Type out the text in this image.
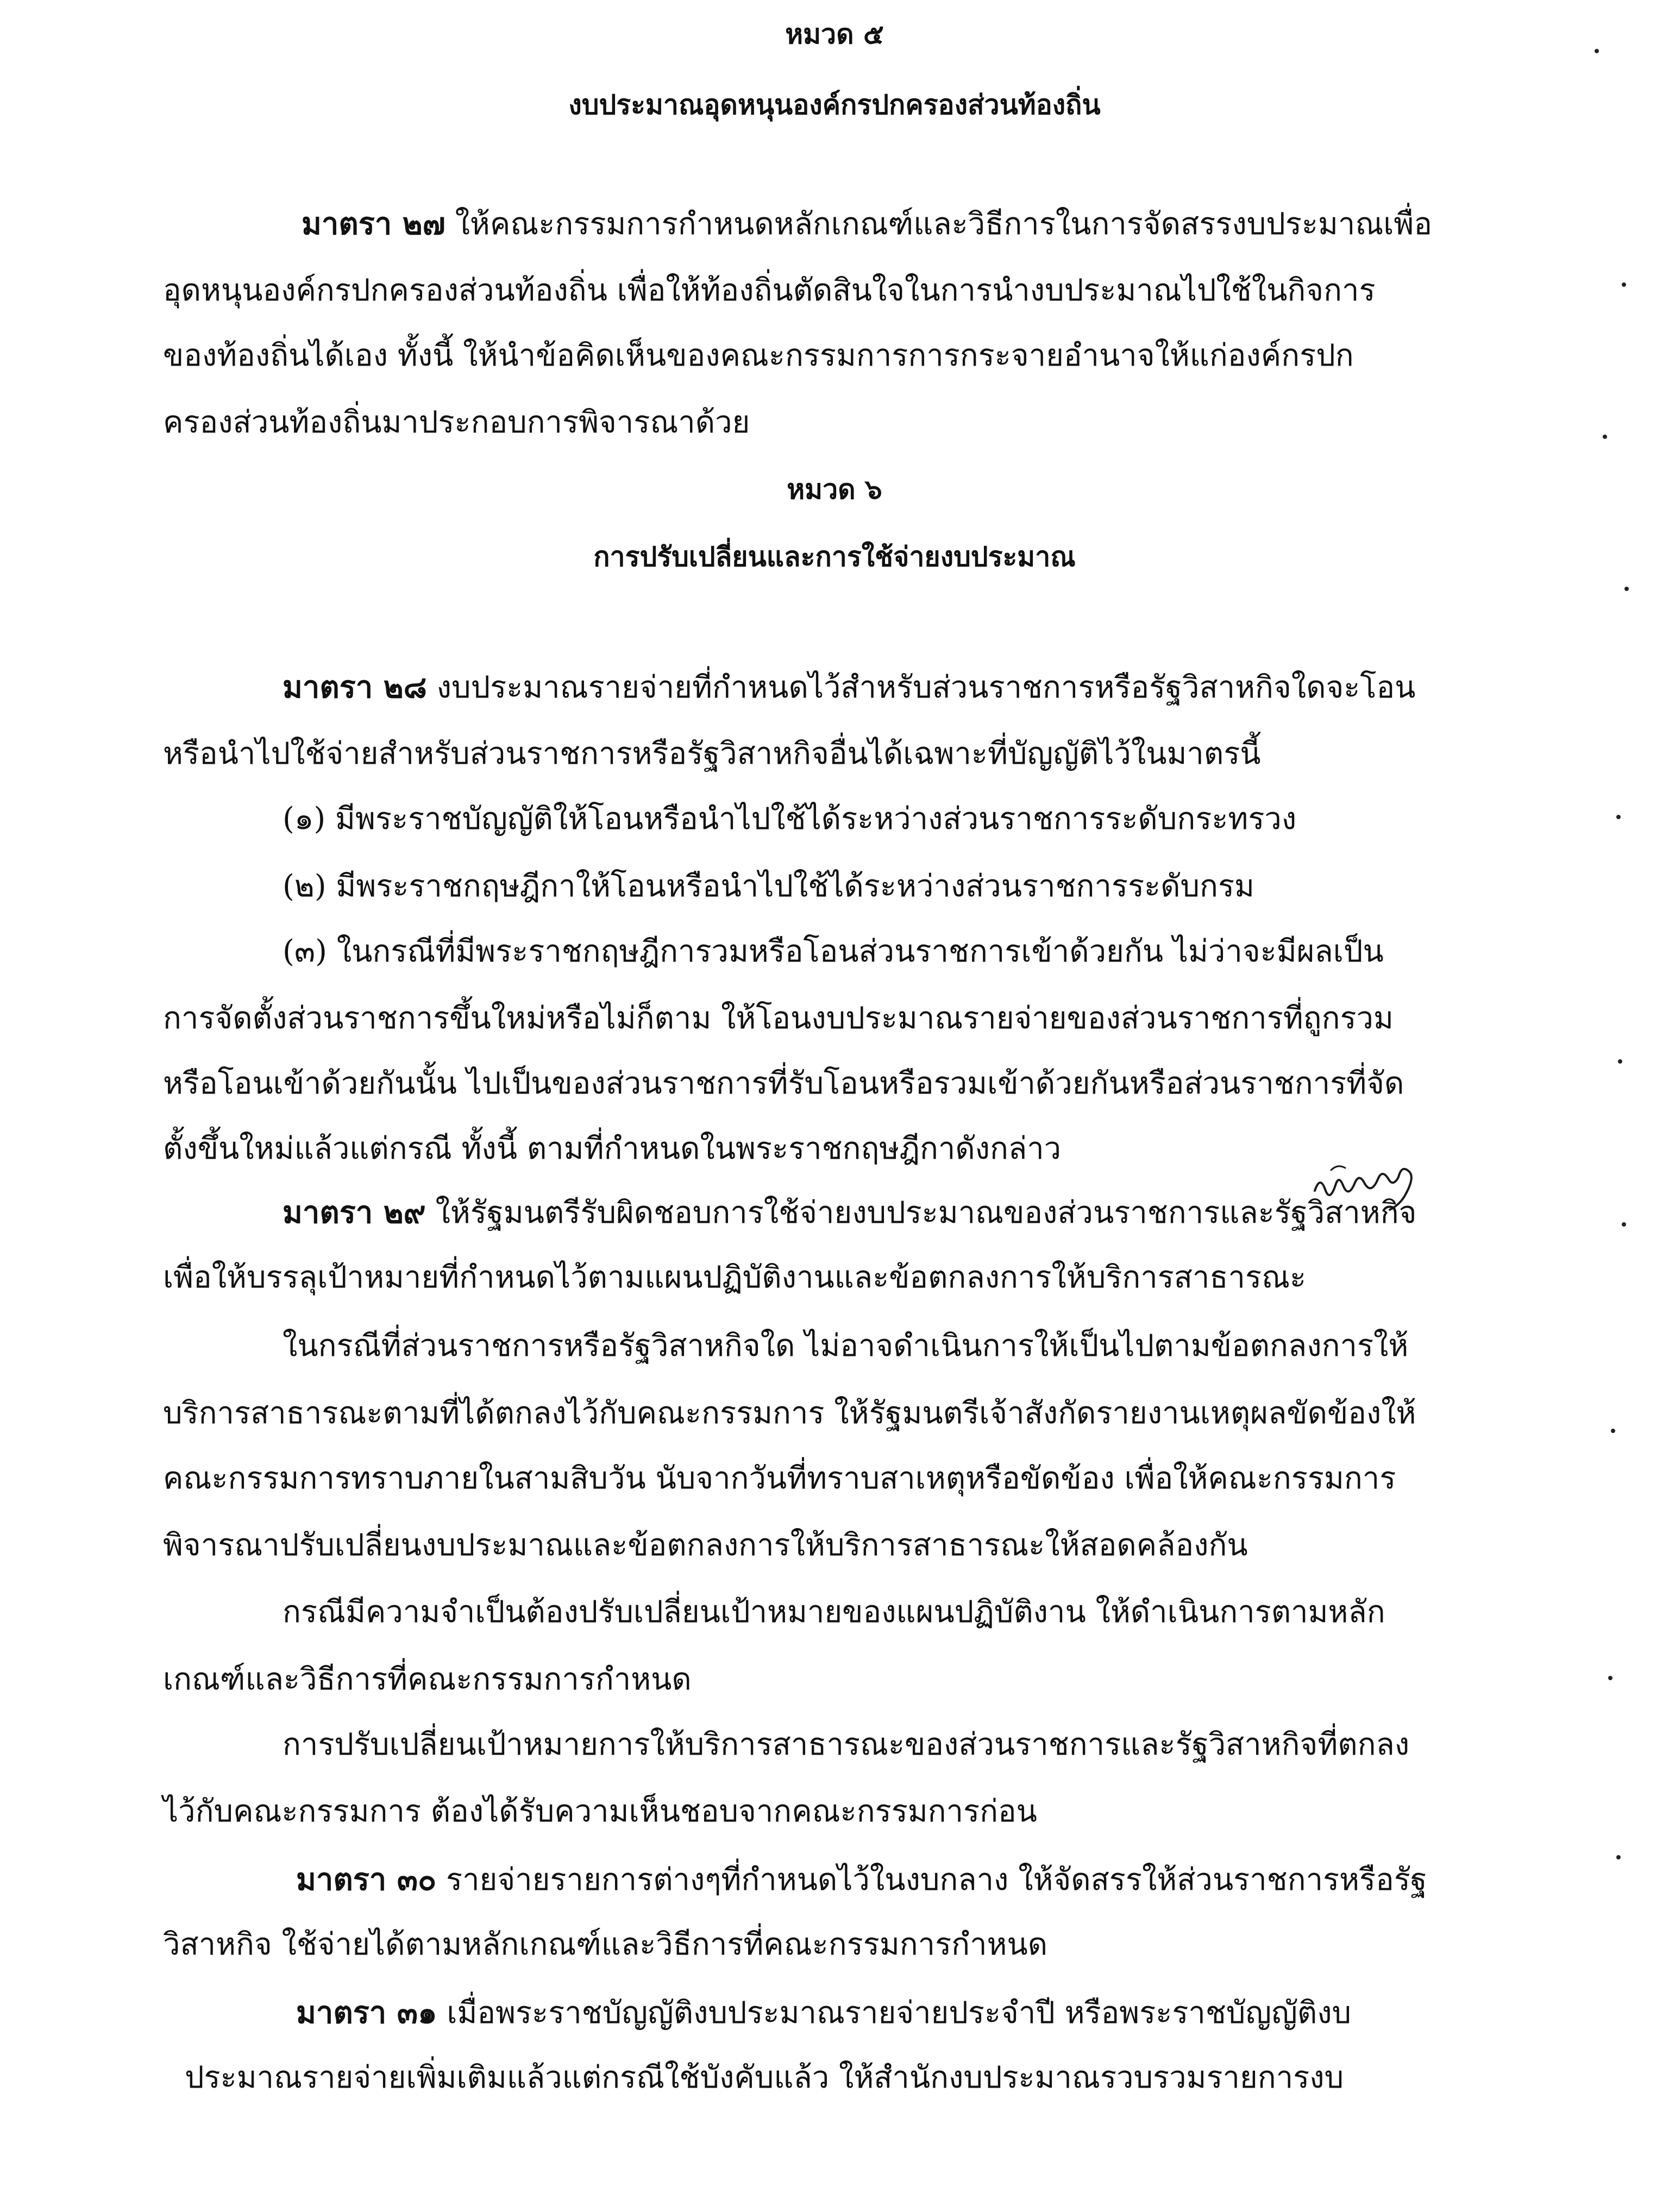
หมวด ๕
งบประมาณอุดหนุนองค์กรปกครองส่วนท้องถิ่น
มาตรา ๒๗ ให้คณะกรรมการกำหนดหลักเกณฑ์และวิธีการในการจัดสรรงบประมาณเพื่อ
อุดหนุนองค์กรปกครองส่วนท้องถิ่น เพื่อให้ท้องถิ่นตัดสินใจในการนำงบประมาณไปใช้ในกิจการ
ของท้องถิ่นได้เอง ทั้งนี้ ให้นำข้อคิดเห็นของคณะกรรมการการกระจายอำนาจให้แก่องค์กรปก
ครองส่วนท้องถิ่นมาประกอบการพิจารณาด้วย
หมวด ๖
การปรับเปลี่ยนและการใช้จ่ายงบประมาณ
มาตรา ๒๘ งบประมาณรายจ่ายที่กำหนดไว้สำหรับส่วนราชการหรือรัฐวิสาหกิจใดจะโอน
หรือนำไปใช้จ่ายสำหรับส่วนราชการหรือรัฐวิสาหกิจอื่นได้เฉพาะที่บัญญัติไว้ในมาตรนี้
(๑) มีพระราชบัญญัติให้โอนหรือนำไปใช้ได้ระหว่างส่วนราชการระดับกระทรวง
(๒) มีพระราชกฤษฎีกาให้โอนหรือนำไปใช้ได้ระหว่างส่วนราชการระดับกรม
(๓) ในกรณีที่มีพระราชกฤษฎีการวมหรือโอนส่วนราชการเข้าด้วยกัน ไม่ว่าจะมีผลเป็น
การจัดตั้งส่วนราชการขึ้นใหม่หรือไม่ก็ตาม ให้โอนงบประมาณรายจ่ายของส่วนราชการที่ถูกรวม
หรือโอนเข้าด้วยกันนั้น ไปเป็นของส่วนราชการที่รับโอนหรือรวมเข้าด้วยกันหรือส่วนราชการที่จัด
ตั้งขึ้นใหม่แล้วแต่กรณี ทั้งนี้ ตามที่กำหนดในพระราชกฤษฎีกาดังกล่าว
มาตรา ๒๙ ให้รัฐมนตรีรับผิดชอบการใช้จ่ายงบประมาณของส่วนราชการและรัฐวิสาหกิจ
เพื่อให้บรรลุเป้าหมายที่กำหนดไว้ตามแผนปฏิบัติงานและข้อตกลงการให้บริการสาธารณะ
ในกรณีที่ส่วนราชการหรือรัฐวิสาหกิจใด ไม่อาจดำเนินการให้เป็นไปตามข้อตกลงการให้
บริการสาธารณะตามที่ได้ตกลงไว้กับคณะกรรมการ ให้รัฐมนตรีเจ้าสังกัดรายงานเหตุผลขัดข้องให้
คณะกรรมการทราบภายในสามสิบวัน นับจากวันที่ทราบสาเหตุหรือขัดข้อง เพื่อให้คณะกรรมการ
พิจารณาปรับเปลี่ยนงบประมาณและข้อตกลงการให้บริการสาธารณะให้สอดคล้องกัน
กรณีมีความจำเป็นต้องปรับเปลี่ยนเป้าหมายของแผนปฏิบัติงาน ให้ดำเนินการตามหลัก
เกณฑ์และวิธีการที่คณะกรรมการกำหนด
การปรับเปลี่ยนเป้าหมายการให้บริการสาธารณะของส่วนราชการและรัฐวิสาหกิจที่ตกลง
ไว้กับคณะกรรมการ ต้องได้รับความเห็นชอบจากคณะกรรมการก่อน
มาตรา ๓๐ รายจ่ายรายการต่างๆที่กำหนดไว้ในงบกลาง ให้จัดสรรให้ส่วนราชการหรือรัฐ
วิสาหกิจ ใช้จ่ายได้ตามหลักเกณฑ์และวิธีการที่คณะกรรมการกำหนด
มาตรา ๓๑ เมื่อพระราชบัญญัติงบประมาณรายจ่ายประจำปี หรือพระราชบัญญัติงบ
ประมาณรายจ่ายเพิ่มเติมแล้วแต่กรณีใช้บังคับแล้ว ให้สำนักงบประมาณรวบรวมรายการงบ
